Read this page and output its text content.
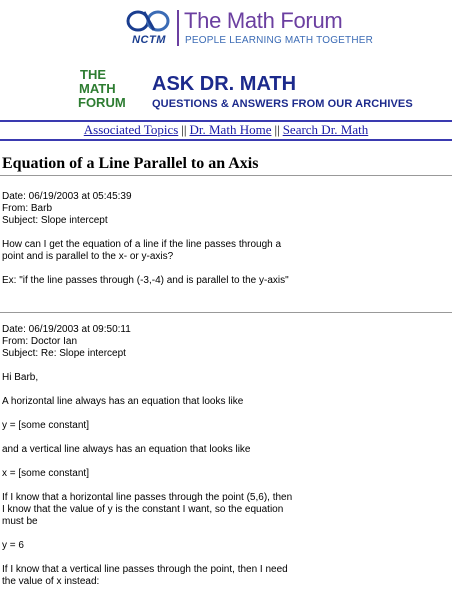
NCTM
The Math Forum
PEOPLE LEARNING MATH TOGETHER
THE
MATH
FORUM
ASK DR. MATH
QUESTIONS & ANSWERS FROM OUR ARCHIVES
Associated Topics || Dr. Math Home || Search Dr. Math
Equation of a Line Parallel to an Axis

Date: 06/19/2003 at 05:45:39

From: Barb

Subject: Slope intercept

How can I get the equation of a line if the line passes through a

point and is parallel to the x- or y-axis?

Ex: "if the line passes through (-3,-4) and is parallel to the y-axis"

Date: 06/19/2003 at 09:50:11

From: Doctor Ian

Subject: Re: Slope intercept

Hi Barb,

A horizontal line always has an equation that looks like

y = [some constant]

and a vertical line always has an equation that looks like

x = [some constant]

If I know that a horizontal line passes through the point (5,6), then

I know that the value of y is the constant I want, so the equation

must be

y = 6

If I know that a vertical line passes through the point, then I need

the value of x instead:
